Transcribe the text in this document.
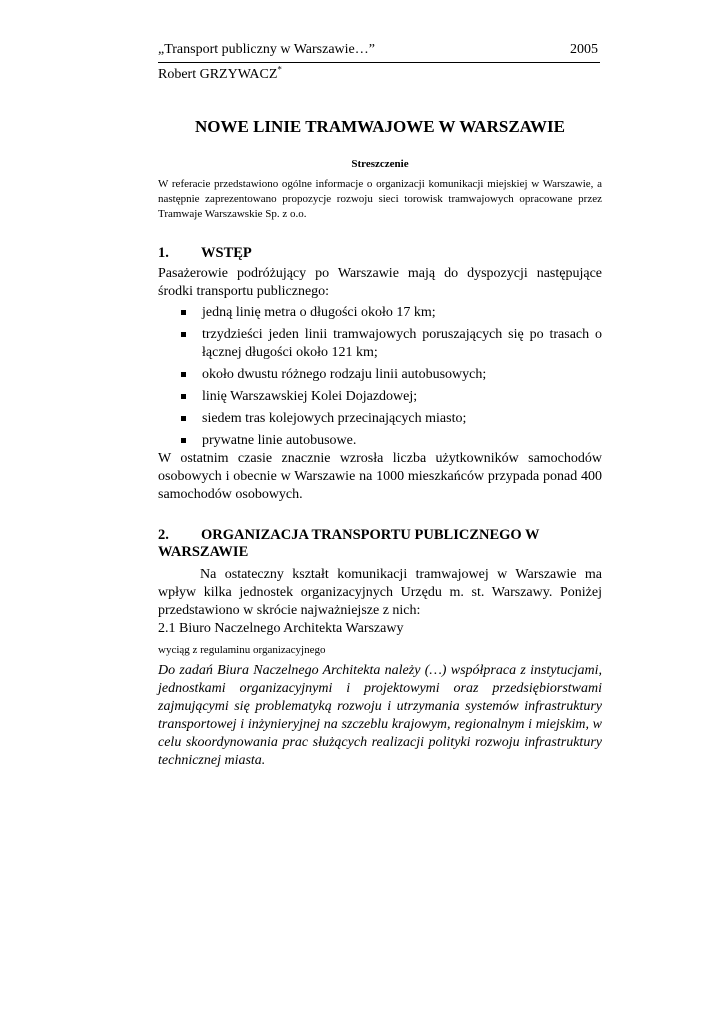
„Transport publiczny w Warszawie…”	2005
Robert GRZYWACZ*
NOWE LINIE TRAMWAJOWE W WARSZAWIE
Streszczenie
W referacie przedstawiono ogólne informacje o organizacji komunikacji miejskiej w Warszawie, a następnie zaprezentowano propozycje rozwoju sieci torowisk tramwajowych opracowane przez Tramwaje Warszawskie Sp. z o.o.
1. WSTĘP
Pasażerowie podróżujący po Warszawie mają do dyspozycji następujące środki transportu publicznego:
jedną linię metra o długości około 17 km;
trzydzieści jeden linii tramwajowych poruszających się po trasach o łącznej długości około 121 km;
około dwustu różnego rodzaju linii autobusowych;
linię Warszawskiej Kolei Dojazdowej;
siedem tras kolejowych przecinających miasto;
prywatne linie autobusowe.
W ostatnim czasie znacznie wzrosła liczba użytkowników samochodów osobowych i obecnie w Warszawie na 1000 mieszkańców przypada ponad 400 samochodów osobowych.
2. ORGANIZACJA TRANSPORTU PUBLICZNEGO W
WARSZAWIE
Na ostateczny kształt komunikacji tramwajowej w Warszawie ma wpływ kilka jednostek organizacyjnych Urzędu m. st. Warszawy. Poniżej przedstawiono w skrócie najważniejsze z nich:
2.1 Biuro Naczelnego Architekta Warszawy
wyciąg z regulaminu organizacyjnego
Do zadań Biura Naczelnego Architekta należy (…) współpraca z instytucjami, jednostkami organizacyjnymi i projektowymi oraz przedsiębiorstwami zajmującymi się problematyką rozwoju i utrzymania systemów infrastruktury transportowej i inżynieryjnej na szczeblu krajowym, regionalnym i miejskim, w celu skoordynowania prac służących realizacji polityki rozwoju infrastruktury technicznej miasta.
